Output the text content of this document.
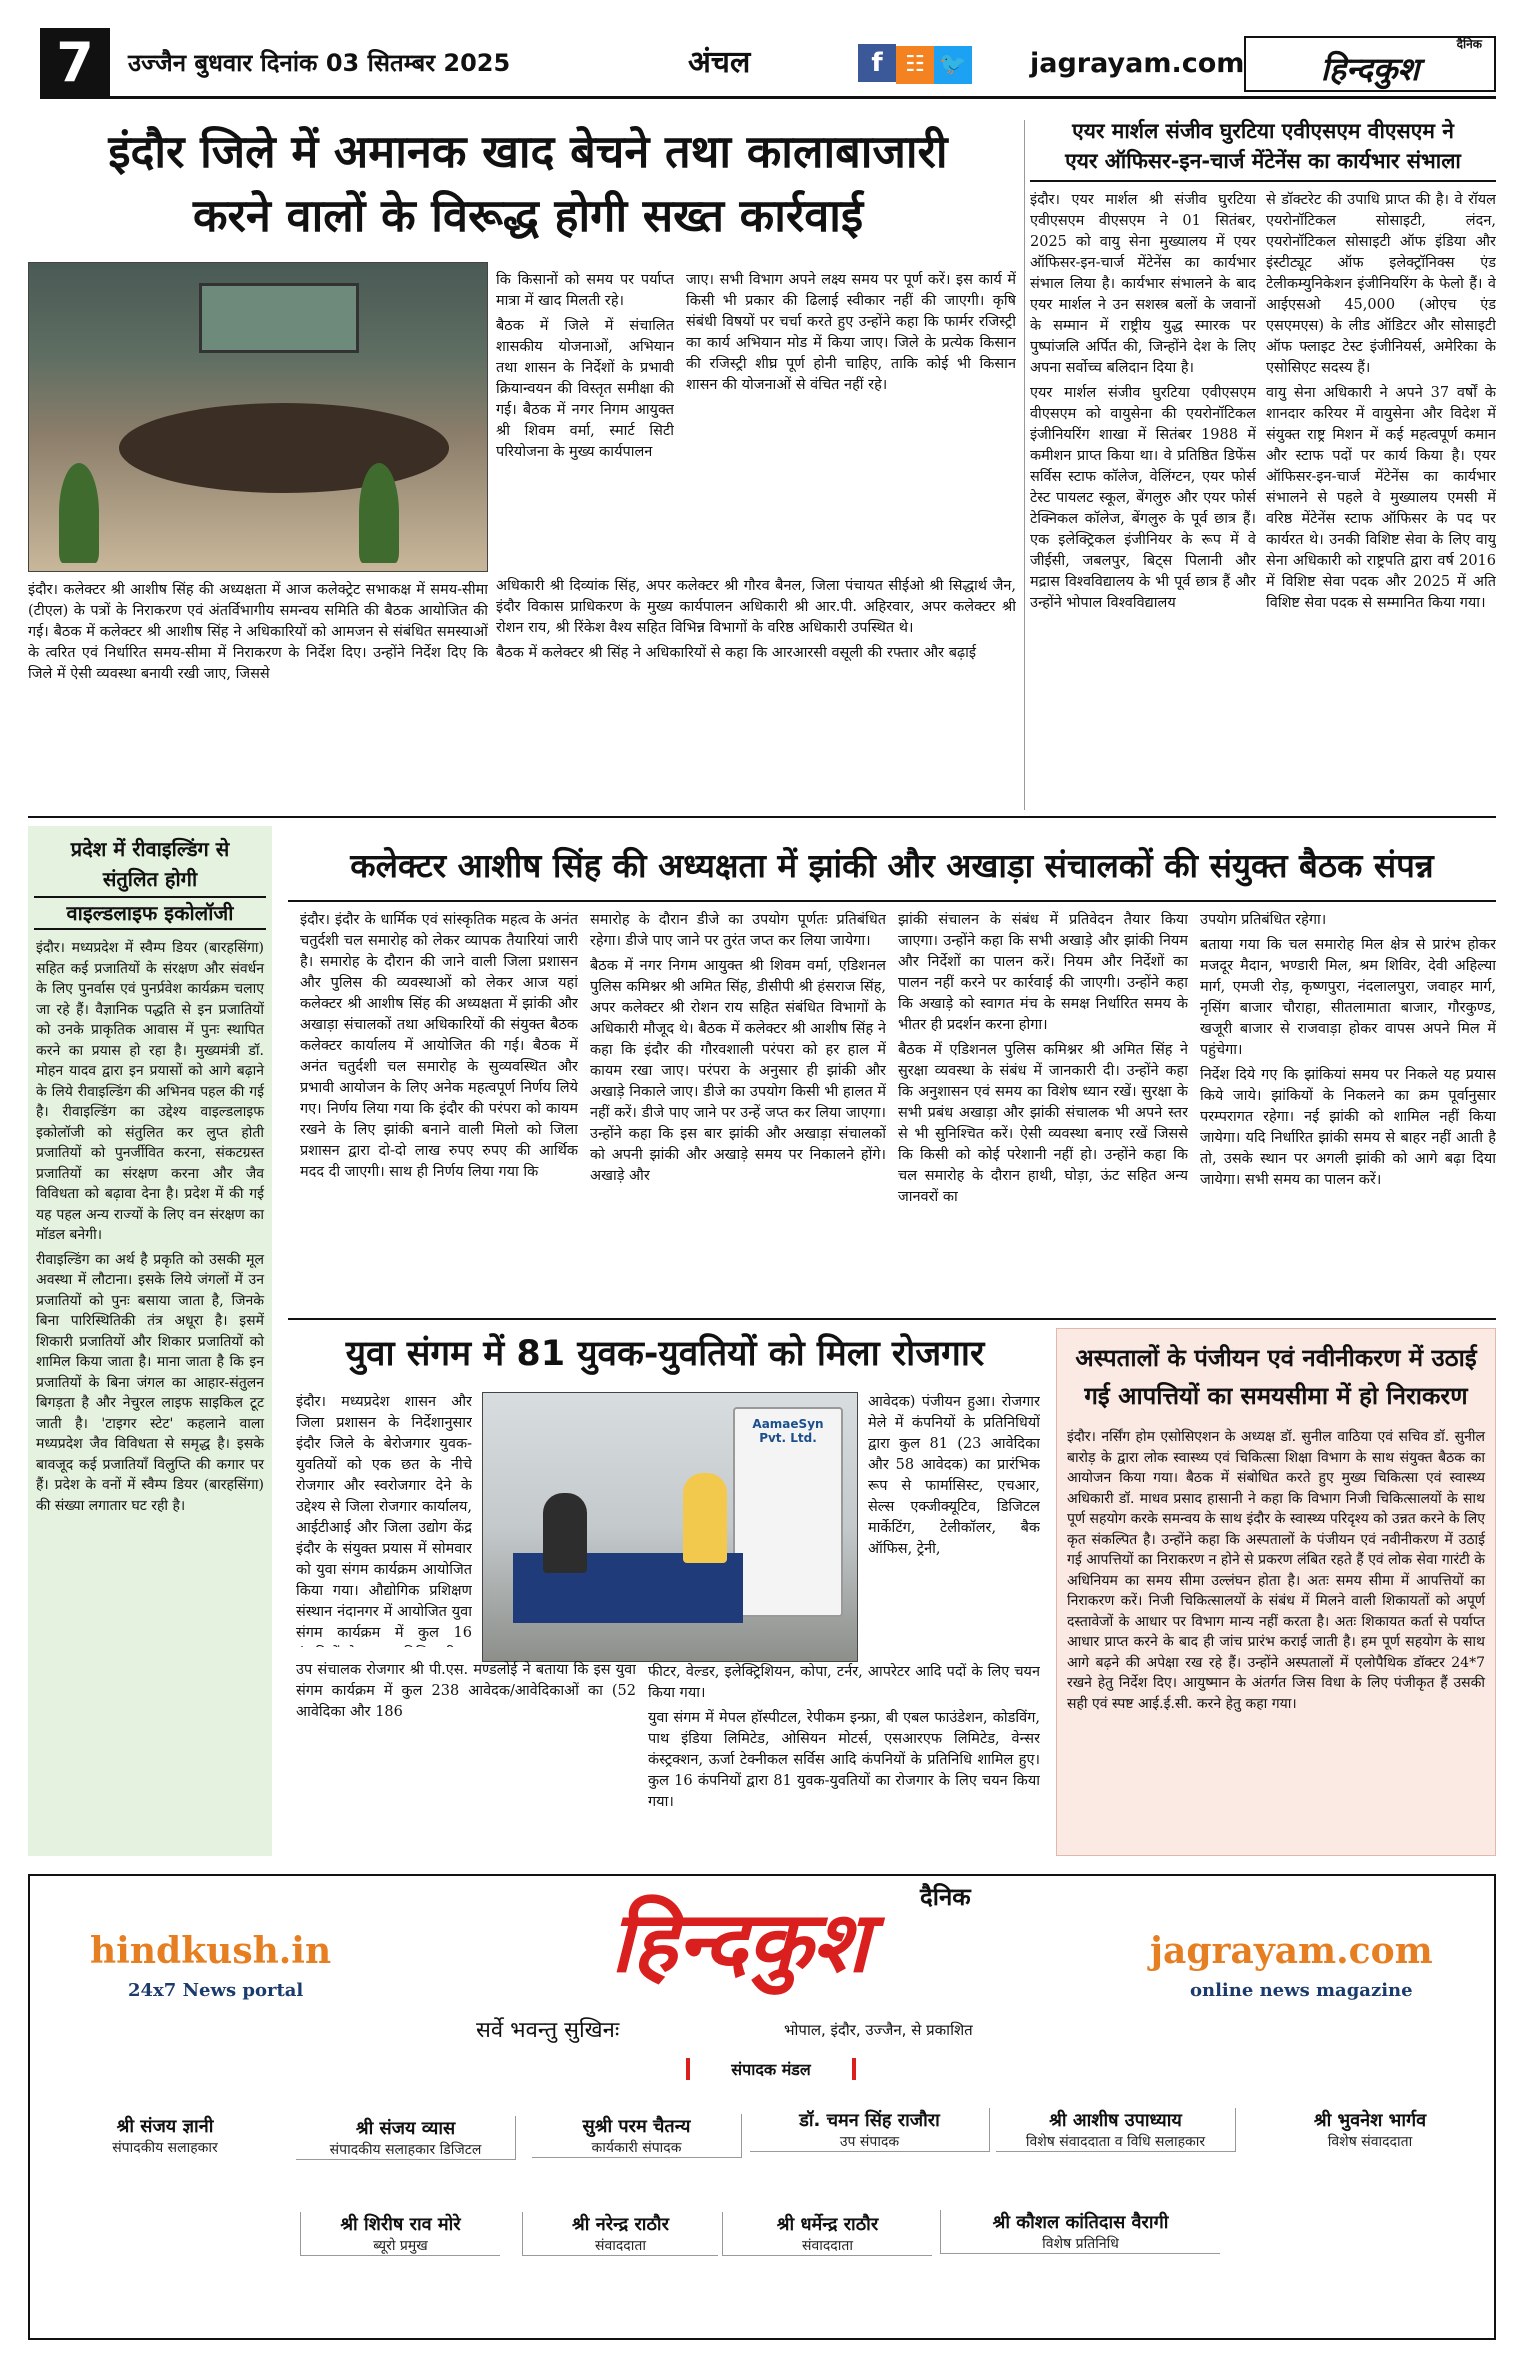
7	उज्जैन बुधवार दिनांक 03 सितम्बर 2025	अंचल	f ☷ 🐦 jagrayam.com
दैनिक
हिन्दकुश
इंदौर जिले में अमानक खाद बेचने तथा कालाबाजारी
करने वालों के विरूद्ध होगी सख्त कार्रवाई

इंदौर। कलेक्टर श्री आशीष सिंह की अध्यक्षता में आज कलेक्ट्रेट सभाकक्ष में समय-सीमा (टीएल) के पत्रों के निराकरण एवं अंतर्विभागीय समन्वय समिति की बैठक आयोजित की गई। बैठक में कलेक्टर श्री आशीष सिंह ने अधिकारियों को आमजन से संबंधित समस्याओं के त्वरित एवं निर्धारित समय-सीमा में निराकरण के निर्देश दिए। उन्होंने निर्देश दिए कि जिले में ऐसी व्यवस्था बनायी रखी जाए, जिससे

कि किसानों को समय पर पर्याप्त मात्रा में खाद मिलती रहे।

बैठक में जिले में संचालित शासकीय योजनाओं, अभियान तथा शासन के निर्देशों के प्रभावी क्रियान्वयन की विस्तृत समीक्षा की गई। बैठक में नगर निगम आयुक्त श्री शिवम वर्मा, स्मार्ट सिटी परियोजना के मुख्य कार्यपालन

अधिकारी श्री दिव्यांक सिंह, अपर कलेक्टर श्री गौरव बैनल, जिला पंचायत सीईओ श्री सिद्धार्थ जैन, इंदौर विकास प्राधिकरण के मुख्य कार्यपालन अधिकारी श्री आर.पी. अहिरवार, अपर कलेक्टर श्री रोशन राय, श्री रिंकेश वैश्य सहित विभिन्न विभागों के वरिष्ठ अधिकारी उपस्थित थे।

बैठक में कलेक्टर श्री सिंह ने अधिकारियों से कहा कि आरआरसी वसूली की रफ्तार और बढ़ाई

जाए। सभी विभाग अपने लक्ष्य समय पर पूर्ण करें। इस कार्य में किसी भी प्रकार की ढिलाई स्वीकार नहीं की जाएगी। कृषि संबंधी विषयों पर चर्चा करते हुए उन्होंने कहा कि फार्मर रजिस्ट्री का कार्य अभियान मोड में किया जाए। जिले के प्रत्येक किसान की रजिस्ट्री शीघ्र पूर्ण होनी चाहिए, ताकि कोई भी किसान शासन की योजनाओं से वंचित नहीं रहे।

एयर मार्शल संजीव घुरटिया एवीएसएम वीएसएम ने
एयर ऑफिसर-इन-चार्ज मेंटेनेंस का कार्यभार संभाला

इंदौर। एयर मार्शल श्री संजीव घुरटिया एवीएसएम वीएसएम ने 01 सितंबर, 2025 को वायु सेना मुख्यालय में एयर ऑफिसर-इन-चार्ज मेंटेनेंस का कार्यभार संभाल लिया है। कार्यभार संभालने के बाद एयर मार्शल ने उन सशस्त्र बलों के जवानों के सम्मान में राष्ट्रीय युद्ध स्मारक पर पुष्पांजलि अर्पित की, जिन्होंने देश के लिए अपना सर्वोच्च बलिदान दिया है।

एयर मार्शल संजीव घुरटिया एवीएसएम वीएसएम को वायुसेना की एयरोनॉटिकल इंजीनियरिंग शाखा में सितंबर 1988 में कमीशन प्राप्त किया था। वे प्रतिष्ठित डिफेंस सर्विस स्टाफ कॉलेज, वेलिंग्टन, एयर फोर्स टेस्ट पायलट स्कूल, बेंगलुरु और एयर फोर्स टेक्निकल कॉलेज, बेंगलुरु के पूर्व छात्र हैं। एक इलेक्ट्रिकल इंजीनियर के रूप में वे जीईसी, जबलपुर, बिट्स पिलानी और मद्रास विश्वविद्यालय के भी पूर्व छात्र हैं और उन्होंने भोपाल विश्वविद्यालय

से डॉक्टरेट की उपाधि प्राप्त की है। वे रॉयल एयरोनॉटिकल सोसाइटी, लंदन, एयरोनॉटिकल सोसाइटी ऑफ इंडिया और इंस्टीट्यूट ऑफ इलेक्ट्रॉनिक्स एंड टेलीकम्युनिकेशन इंजीनियरिंग के फेलो हैं। वे आईएसओ 45,000 (ओएच एंड एसएमएस) के लीड ऑडिटर और सोसाइटी ऑफ फ्लाइट टेस्ट इंजीनियर्स, अमेरिका के एसोसिएट सदस्य हैं।

वायु सेना अधिकारी ने अपने 37 वर्षों के शानदार करियर में वायुसेना और विदेश में संयुक्त राष्ट्र मिशन में कई महत्वपूर्ण कमान और स्टाफ पदों पर कार्य किया है। एयर ऑफिसर-इन-चार्ज मेंटेनेंस का कार्यभार संभालने से पहले वे मुख्यालय एमसी में वरिष्ठ मेंटेनेंस स्टाफ ऑफिसर के पद पर कार्यरत थे। उनकी विशिष्ट सेवा के लिए वायु सेना अधिकारी को राष्ट्रपति द्वारा वर्ष 2016 में विशिष्ट सेवा पदक और 2025 में अति विशिष्ट सेवा पदक से सम्मानित किया गया।

प्रदेश में रीवाइल्डिंग से
संतुलित होगी
वाइल्डलाइफ इकोलॉजी

इंदौर। मध्यप्रदेश में स्वैम्प डियर (बारहसिंगा) सहित कई प्रजातियों के संरक्षण और संवर्धन के लिए पुनर्वास एवं पुनर्प्रवेश कार्यक्रम चलाए जा रहे हैं। वैज्ञानिक पद्धति से इन प्रजातियों को उनके प्राकृतिक आवास में पुनः स्थापित करने का प्रयास हो रहा है। मुख्यमंत्री डॉ. मोहन यादव द्वारा इन प्रयासों को आगे बढ़ाने के लिये रीवाइल्डिंग की अभिनव पहल की गई है। रीवाइल्डिंग का उद्देश्य वाइल्डलाइफ इकोलॉजी को संतुलित कर लुप्त होती प्रजातियों को पुनर्जीवित करना, संकटग्रस्त प्रजातियों का संरक्षण करना और जैव विविधता को बढ़ावा देना है। प्रदेश में की गई यह पहल अन्य राज्यों के लिए वन संरक्षण का मॉडल बनेगी।

रीवाइल्डिंग का अर्थ है प्रकृति को उसकी मूल अवस्था में लौटाना। इसके लिये जंगलों में उन प्रजातियों को पुनः बसाया जाता है, जिनके बिना पारिस्थितिकी तंत्र अधूरा है। इसमें शिकारी प्रजातियों और शिकार प्रजातियों को शामिल किया जाता है। माना जाता है कि इन प्रजातियों के बिना जंगल का आहार-संतुलन बिगड़ता है और नेचुरल लाइफ साइकिल टूट जाती है। 'टाइगर स्टेट' कहलाने वाला मध्यप्रदेश जैव विविधता से समृद्ध है। इसके बावजूद कई प्रजातियाँ विलुप्ति की कगार पर हैं। प्रदेश के वनों में स्वैम्प डियर (बारहसिंगा) की संख्या लगातार घट रही है।

कलेक्टर आशीष सिंह की अध्यक्षता में झांकी और अखाड़ा संचालकों की संयुक्त बैठक संपन्न

इंदौर। इंदौर के धार्मिक एवं सांस्कृतिक महत्व के अनंत चतुर्दशी चल समारोह को लेकर व्यापक तैयारियां जारी है। समारोह के दौरान की जाने वाली जिला प्रशासन और पुलिस की व्यवस्थाओं को लेकर आज यहां कलेक्टर श्री आशीष सिंह की अध्यक्षता में झांकी और अखाड़ा संचालकों तथा अधिकारियों की संयुक्त बैठक कलेक्टर कार्यालय में आयोजित की गई। बैठक में अनंत चतुर्दशी चल समारोह के सुव्यवस्थित और प्रभावी आयोजन के लिए अनेक महत्वपूर्ण निर्णय लिये गए। निर्णय लिया गया कि इंदौर की परंपरा को कायम रखने के लिए झांकी बनाने वाली मिलो को जिला प्रशासन द्वारा दो-दो लाख रुपए रुपए की आर्थिक मदद दी जाएगी। साथ ही निर्णय लिया गया कि

समारोह के दौरान डीजे का उपयोग पूर्णतः प्रतिबंधित रहेगा। डीजे पाए जाने पर तुरंत जप्त कर लिया जायेगा।

बैठक में नगर निगम आयुक्त श्री शिवम वर्मा, एडिशनल पुलिस कमिश्नर श्री अमित सिंह, डीसीपी श्री हंसराज सिंह, अपर कलेक्टर श्री रोशन राय सहित संबंधित विभागों के अधिकारी मौजूद थे। बैठक में कलेक्टर श्री आशीष सिंह ने कहा कि इंदौर की गौरवशाली परंपरा को हर हाल में कायम रखा जाए। परंपरा के अनुसार ही झांकी और अखाड़े निकाले जाए। डीजे का उपयोग किसी भी हालत में नहीं करें। डीजे पाए जाने पर उन्हें जप्त कर लिया जाएगा। उन्होंने कहा कि इस बार झांकी और अखाड़ा संचालकों को अपनी झांकी और अखाड़े समय पर निकालने होंगे। अखाड़े और

झांकी संचालन के संबंध में प्रतिवेदन तैयार किया जाएगा। उन्होंने कहा कि सभी अखाड़े और झांकी नियम और निर्देशों का पालन करें। नियम और निर्देशों का पालन नहीं करने पर कार्रवाई की जाएगी। उन्होंने कहा कि अखाड़े को स्वागत मंच के समक्ष निर्धारित समय के भीतर ही प्रदर्शन करना होगा।

बैठक में एडिशनल पुलिस कमिश्नर श्री अमित सिंह ने सुरक्षा व्यवस्था के संबंध में जानकारी दी। उन्होंने कहा कि अनुशासन एवं समय का विशेष ध्यान रखें। सुरक्षा के सभी प्रबंध अखाड़ा और झांकी संचालक भी अपने स्तर से भी सुनिश्चित करें। ऐसी व्यवस्था बनाए रखें जिससे कि किसी को कोई परेशानी नहीं हो। उन्होंने कहा कि चल समारोह के दौरान हाथी, घोड़ा, ऊंट सहित अन्य जानवरों का

उपयोग प्रतिबंधित रहेगा।

बताया गया कि चल समारोह मिल क्षेत्र से प्रारंभ होकर मजदूर मैदान, भण्डारी मिल, श्रम शिविर, देवी अहिल्या मार्ग, एमजी रोड़, कृष्णपुरा, नंदलालपुरा, जवाहर मार्ग, नृसिंग बाजार चौराहा, सीतलामाता बाजार, गौरकुण्ड, खजूरी बाजार से राजवाड़ा होकर वापस अपने मिल में पहुंचेगा।

निर्देश दिये गए कि झांकियां समय पर निकले यह प्रयास किये जाये। झांकियों के निकलने का क्रम पूर्वानुसार परम्परागत रहेगा। नई झांकी को शामिल नहीं किया जायेगा। यदि निर्धारित झांकी समय से बाहर नहीं आती है तो, उसके स्थान पर अगली झांकी को आगे बढ़ा दिया जायेगा। सभी समय का पालन करें।

युवा संगम में 81 युवक-युवतियों को मिला रोजगार

इंदौर। मध्यप्रदेश शासन और जिला प्रशासन के निर्देशानुसार इंदौर जिले के बेरोजगार युवक-युवतियों को एक छत के नीचे रोजगार और स्वरोजगार देने के उद्देश्य से जिला रोजगार कार्यालय, आईटीआई और जिला उद्योग केंद्र इंदौर के संयुक्त प्रयास में सोमवार को युवा संगम कार्यक्रम आयोजित किया गया। औद्योगिक प्रशिक्षण संस्थान नंदानगर में आयोजित युवा संगम कार्यक्रम में कुल 16

AamaeSyn Pvt. Ltd.

आवेदक) पंजीयन हुआ। रोजगार मेले में कंपनियों के प्रतिनिधियों द्वारा कुल 81 (23 आवेदिका और 58 आवेदक) का प्रारंभिक रूप से फार्मासिस्ट, एचआर, सेल्स एक्जीक्यूटिव, डिजिटल मार्केटिंग, टेलीकॉलर, बैक ऑफिस, ट्रेनी,

उप संचालक रोजगार श्री पी.एस. मण्डलोई ने बताया कि इस युवा संगम कार्यक्रम में कुल 238 आवेदक/आवेदिकाओं का (52 आवेदिका और 186

फीटर, वेल्डर, इलेक्ट्रिशियन, कोपा, टर्नर, आपरेटर आदि पदों के लिए चयन किया गया।

युवा संगम में मेपल हॉस्पीटल, रेपीकम इन्फ्रा, बी एबल फाउंडेशन, कोडविंग, पाथ इंडिया लिमिटेड, ओसियन मोटर्स, एसआरएफ लिमिटेड, वेन्सर कंस्ट्रक्शन, ऊर्जा टेक्नीकल सर्विस आदि कंपनियों के प्रतिनिधि शामिल हुए। कुल 16 कंपनियों द्वारा 81 युवक-युवतियों का रोजगार के लिए चयन किया गया।

अस्पतालों के पंजीयन एवं नवीनीकरण में उठाई
गई आपत्तियों का समयसीमा में हो निराकरण

इंदौर। नर्सिंग होम एसोसिएशन के अध्यक्ष डॉ. सुनील वाठिया एवं सचिव डॉ. सुनील बारोड़ के द्वारा लोक स्वास्थ्य एवं चिकित्सा शिक्षा विभाग के साथ संयुक्त बैठक का आयोजन किया गया। बैठक में संबोधित करते हुए मुख्य चिकित्सा एवं स्वास्थ्य अधिकारी डॉ. माधव प्रसाद हासानी ने कहा कि विभाग निजी चिकित्सालयों के साथ पूर्ण सहयोग करके समन्वय के साथ इंदौर के स्वास्थ्य परिदृश्य को उन्नत करने के लिए कृत संकल्पित है। उन्होंने कहा कि अस्पतालों के पंजीयन एवं नवीनीकरण में उठाई गई आपत्तियों का निराकरण न होने से प्रकरण लंबित रहते हैं एवं लोक सेवा गारंटी के अधिनियम का समय सीमा उल्लंघन होता है। अतः समय सीमा में आपत्तियों का निराकरण करें। निजी चिकित्सालयों के संबंध में मिलने वाली शिकायतों को अपूर्ण दस्तावेजों के आधार पर विभाग मान्य नहीं करता है। अतः शिकायत कर्ता से पर्याप्त आधार प्राप्त करने के बाद ही जांच प्रारंभ कराई जाती है। हम पूर्ण सहयोग के साथ आगे बढ़ने की अपेक्षा रख रहे हैं। उन्होंने अस्पतालों में एलोपैथिक डॉक्टर 24*7 रखने हेतु निर्देश दिए। आयुष्मान के अंतर्गत जिस विधा के लिए पंजीकृत हैं उसकी सही एवं स्पष्ट आई.ई.सी. करने हेतु कहा गया।

hindkush.in
24x7 News portal
दैनिक
हिन्दकुश	jagrayam.com
online news magazine
सर्वे भवन्तु सुखिनः	भोपाल, इंदौर, उज्जैन, से प्रकाशित
संपादक मंडल
श्री संजय ज्ञानी
संपादकीय सलाहकार
श्री संजय व्यास
संपादकीय सलाहकार डिजिटल
सुश्री परम चैतन्य
कार्यकारी संपादक
डॉ. चमन सिंह राजौरा
उप संपादक
श्री आशीष उपाध्याय
विशेष संवाददाता व विधि सलाहकार
श्री भुवनेश भार्गव
विशेष संवाददाता
श्री शिरीष राव मोरे
ब्यूरो प्रमुख
श्री नरेन्द्र राठौर
संवाददाता
श्री धर्मेन्द्र राठौर
संवाददाता
श्री कौशल कांतिदास वैरागी
विशेष प्रतिनिधि
